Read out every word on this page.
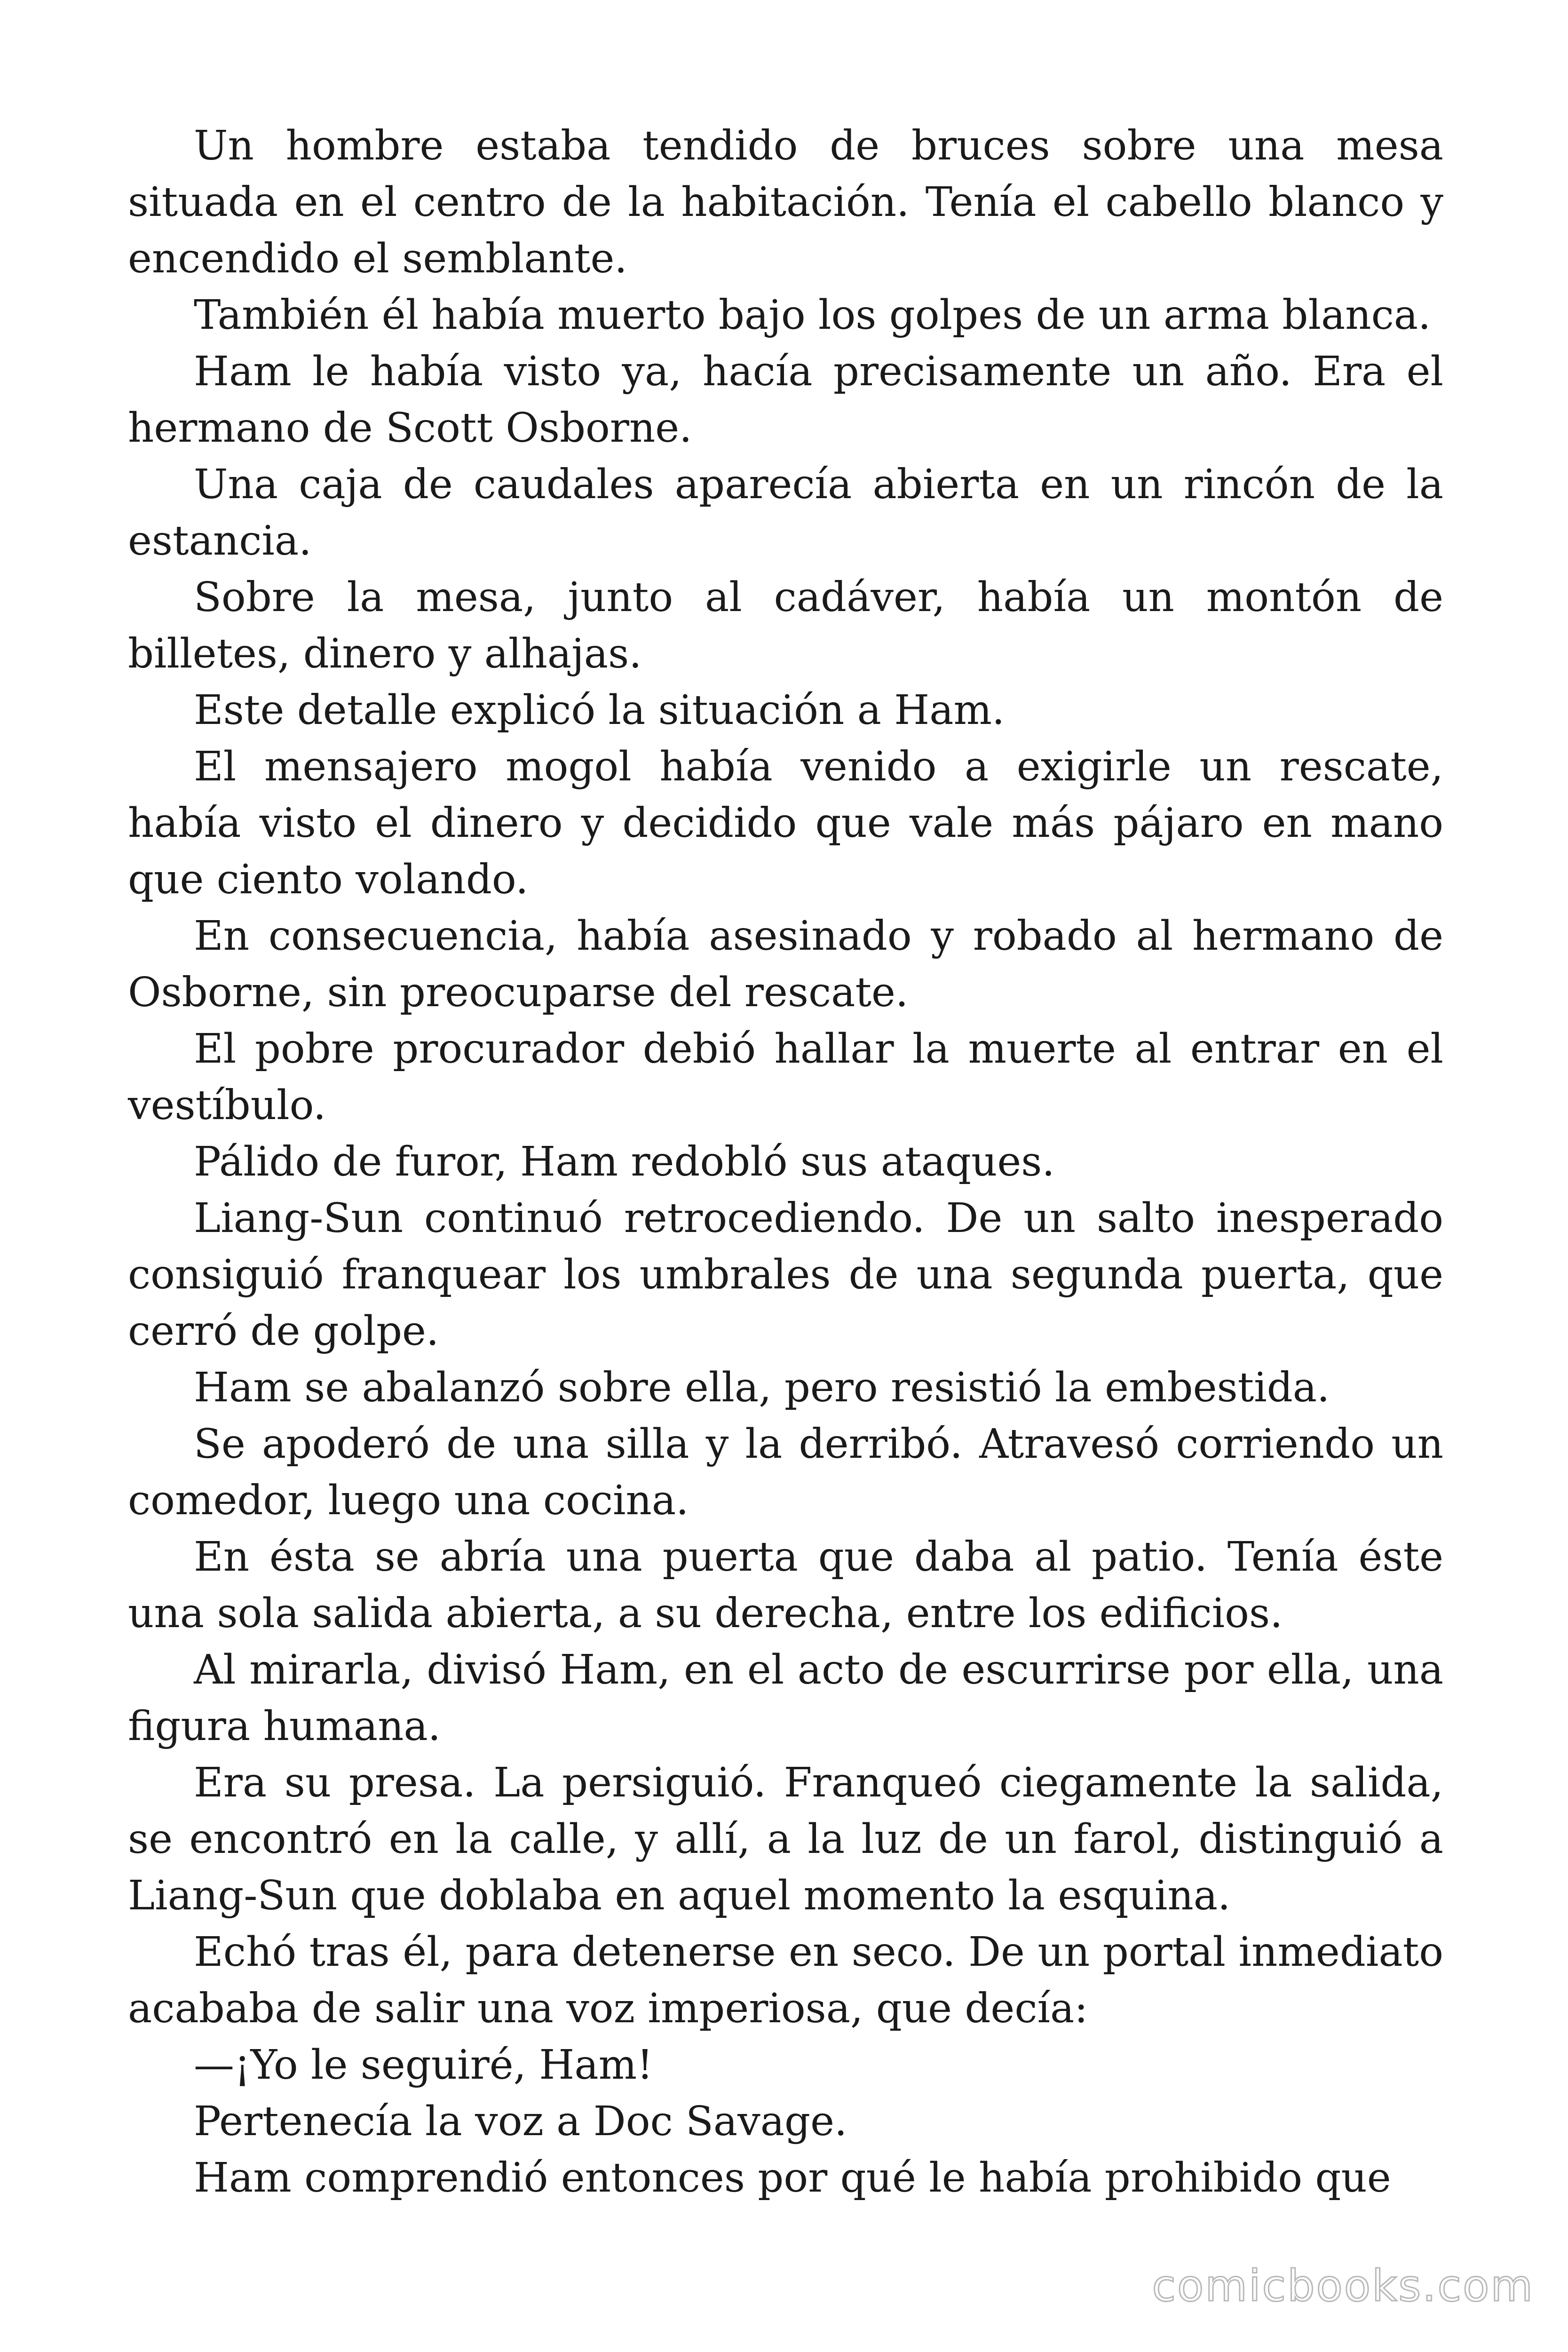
Un hombre estaba tendido de bruces sobre una mesa situada en el centro de la habitación. Tenía el cabello blanco y encendido el semblante.

También él había muerto bajo los golpes de un arma blanca.

Ham le había visto ya, hacía precisamente un año. Era el hermano de Scott Osborne.

Una caja de caudales aparecía abierta en un rincón de la estancia.

Sobre la mesa, junto al cadáver, había un montón de billetes, dinero y alhajas.

Este detalle explicó la situación a Ham.

El mensajero mogol había venido a exigirle un rescate, había visto el dinero y decidido que vale más pájaro en mano que ciento volando.

En consecuencia, había asesinado y robado al hermano de Osborne, sin preocuparse del rescate.

El pobre procurador debió hallar la muerte al entrar en el vestíbulo.

Pálido de furor, Ham redobló sus ataques.

Liang-Sun continuó retrocediendo. De un salto inesperado consiguió franquear los umbrales de una segunda puerta, que cerró de golpe.

Ham se abalanzó sobre ella, pero resistió la embestida.

Se apoderó de una silla y la derribó. Atravesó corriendo un comedor, luego una cocina.

En ésta se abría una puerta que daba al patio. Tenía éste una sola salida abierta, a su derecha, entre los edificios.

Al mirarla, divisó Ham, en el acto de escurrirse por ella, una figura humana.

Era su presa. La persiguió. Franqueó ciegamente la salida, se encontró en la calle, y allí, a la luz de un farol, distinguió a Liang-Sun que doblaba en aquel momento la esquina.

Echó tras él, para detenerse en seco. De un portal inmediato acababa de salir una voz imperiosa, que decía:

—¡Yo le seguiré, Ham!

Pertenecía la voz a Doc Savage.

Ham comprendió entonces por qué le había prohibido que

comicbooks.com
